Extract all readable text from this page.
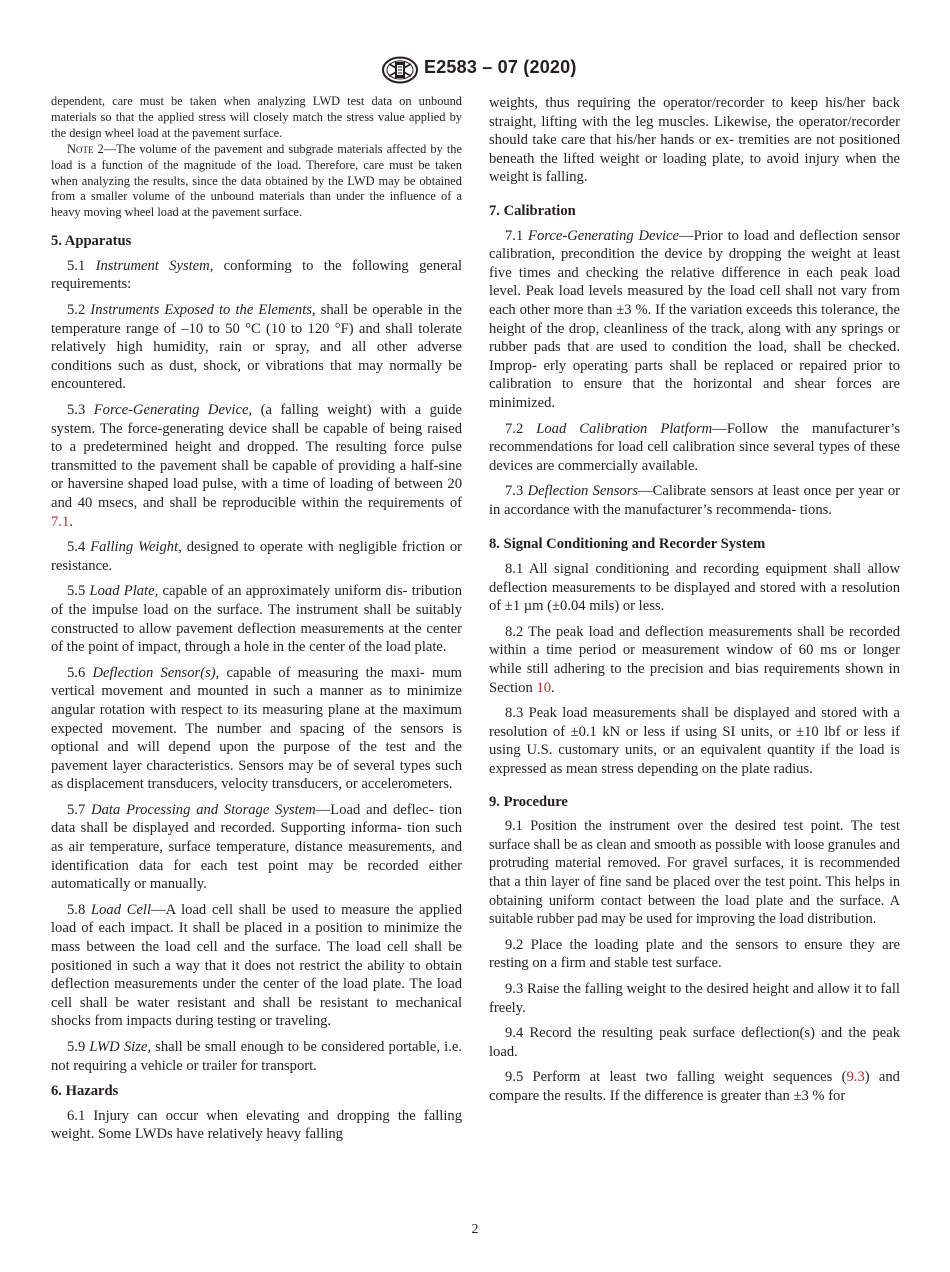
E2583 – 07 (2020)

dependent, care must be taken when analyzing LWD test data on unbound materials so that the applied stress will closely match the stress value applied by the design wheel load at the pavement surface.

Note 2—The volume of the pavement and subgrade materials affected by the load is a function of the magnitude of the load. Therefore, care must be taken when analyzing the results, since the data obtained by the LWD may be obtained from a smaller volume of the unbound materials than under the influence of a heavy moving wheel load at the pavement surface.

5. Apparatus

5.1 Instrument System, conforming to the following general requirements:

5.2 Instruments Exposed to the Elements, shall be operable in the temperature range of –10 to 50 °C (10 to 120 °F) and shall tolerate relatively high humidity, rain or spray, and all other adverse conditions such as dust, shock, or vibrations that may normally be encountered.

5.3 Force-Generating Device, (a falling weight) with a guide system. The force-generating device shall be capable of being raised to a predetermined height and dropped. The resulting force pulse transmitted to the pavement shall be capable of providing a half-sine or haversine shaped load pulse, with a time of loading of between 20 and 40 msecs, and shall be reproducible within the requirements of 7.1.

5.4 Falling Weight, designed to operate with negligible friction or resistance.

5.5 Load Plate, capable of an approximately uniform dis- tribution of the impulse load on the surface. The instrument shall be suitably constructed to allow pavement deflection measurements at the center of the point of impact, through a hole in the center of the load plate.

5.6 Deflection Sensor(s), capable of measuring the maxi- mum vertical movement and mounted in such a manner as to minimize angular rotation with respect to its measuring plane at the maximum expected movement. The number and spacing of the sensors is optional and will depend upon the purpose of the test and the pavement layer characteristics. Sensors may be of several types such as displacement transducers, velocity transducers, or accelerometers.

5.7 Data Processing and Storage System—Load and deflec- tion data shall be displayed and recorded. Supporting informa- tion such as air temperature, surface temperature, distance measurements, and identification data for each test point may be recorded either automatically or manually.

5.8 Load Cell—A load cell shall be used to measure the applied load of each impact. It shall be placed in a position to minimize the mass between the load cell and the surface. The load cell shall be positioned in such a way that it does not restrict the ability to obtain deflection measurements under the center of the load plate. The load cell shall be water resistant and shall be resistant to mechanical shocks from impacts during testing or traveling.

5.9 LWD Size, shall be small enough to be considered portable, i.e. not requiring a vehicle or trailer for transport.

6. Hazards

6.1 Injury can occur when elevating and dropping the falling weight. Some LWDs have relatively heavy falling

weights, thus requiring the operator/recorder to keep his/her back straight, lifting with the leg muscles. Likewise, the operator/recorder should take care that his/her hands or ex- tremities are not positioned beneath the lifted weight or loading plate, to avoid injury when the weight is falling.

7. Calibration

7.1 Force-Generating Device—Prior to load and deflection sensor calibration, precondition the device by dropping the weight at least five times and checking the relative difference in each peak load level. Peak load levels measured by the load cell shall not vary from each other more than ±3 %. If the variation exceeds this tolerance, the height of the drop, cleanliness of the track, along with any springs or rubber pads that are used to condition the load, shall be checked. Improp- erly operating parts shall be replaced or repaired prior to calibration to ensure that the horizontal and shear forces are minimized.

7.2 Load Calibration Platform—Follow the manufacturer’s recommendations for load cell calibration since several types of these devices are commercially available.

7.3 Deflection Sensors—Calibrate sensors at least once per year or in accordance with the manufacturer’s recommenda- tions.

8. Signal Conditioning and Recorder System

8.1 All signal conditioning and recording equipment shall allow deflection measurements to be displayed and stored with a resolution of ±1 µm (±0.04 mils) or less.

8.2 The peak load and deflection measurements shall be recorded within a time period or measurement window of 60 ms or longer while still adhering to the precision and bias requirements shown in Section 10.

8.3 Peak load measurements shall be displayed and stored with a resolution of ±0.1 kN or less if using SI units, or ±10 lbf or less if using U.S. customary units, or an equivalent quantity if the load is expressed as mean stress depending on the plate radius.

9. Procedure

9.1 Position the instrument over the desired test point. The test surface shall be as clean and smooth as possible with loose granules and protruding material removed. For gravel surfaces, it is recommended that a thin layer of fine sand be placed over the test point. This helps in obtaining uniform contact between the load plate and the surface. A suitable rubber pad may be used for improving the load distribution.

9.2 Place the loading plate and the sensors to ensure they are resting on a firm and stable test surface.

9.3 Raise the falling weight to the desired height and allow it to fall freely.

9.4 Record the resulting peak surface deflection(s) and the peak load.

9.5 Perform at least two falling weight sequences (9.3) and compare the results. If the difference is greater than ±3 % for

2
